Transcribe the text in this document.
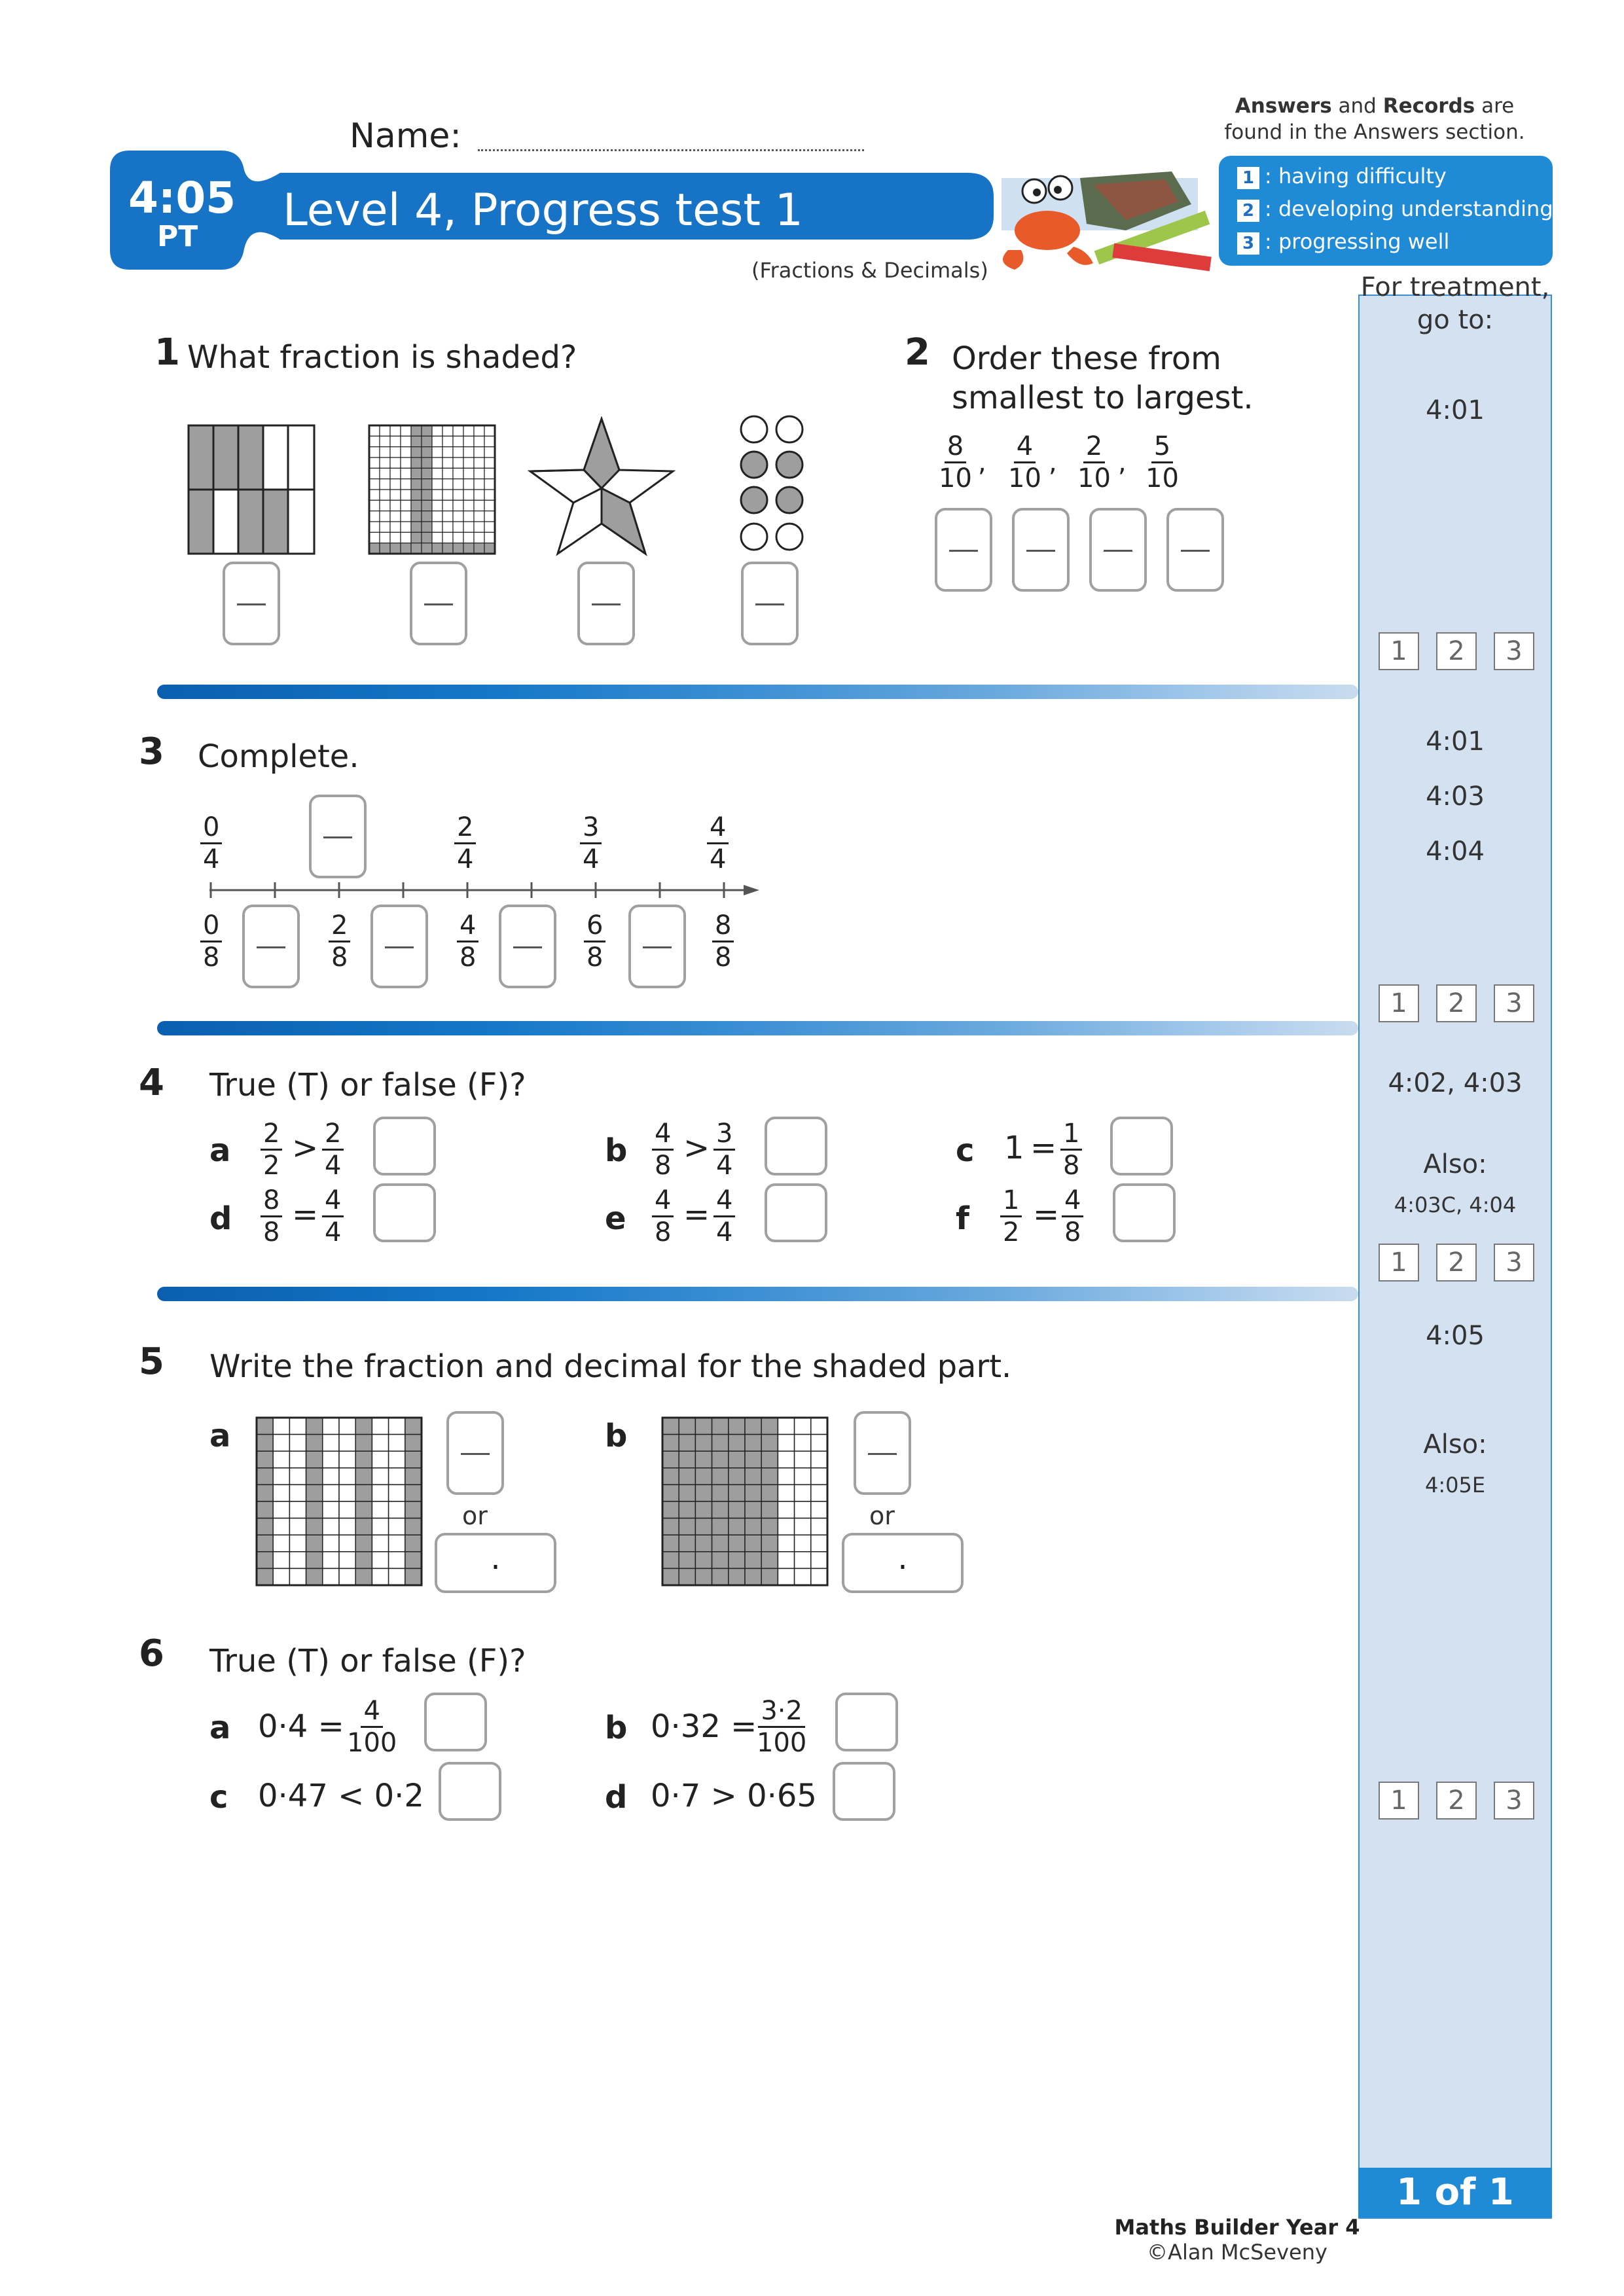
Name:
Answers and Records are
found in the Answers section.
4:05
PT
Level 4, Progress test 1
(Fractions & Decimals)
1 : having difficulty
2 : developing understanding
3 : progressing well
For treatment,
go to:
4:01
4:01
4:03
4:04
4:02, 4:03
Also:
4:03C, 4:04
4:05
Also:
4:05E
1	2	3
1	2	3
1	2	3
1	2	3
1 of 1
1 What fraction is shaded?	2 Order these from
smallest to largest.
$\frac{8}{10}$ , $\frac{4}{10}$ , $\frac{2}{10}$ , $\frac{5}{10}$
3 Complete.
$\frac{0}{4}$	$\frac{2}{4}$	$\frac{3}{4}$	$\frac{4}{4}$
$\frac{0}{8}$	$\frac{2}{8}$	$\frac{4}{8}$	$\frac{6}{8}$	$\frac{8}{8}$
4 True (T) or false (F)?
a $\frac{2}{2} > \frac{2}{4}$	b $\frac{4}{8} > \frac{3}{4}$	c $1 = \frac{1}{8}$
d $\frac{8}{8} = \frac{4}{4}$	e $\frac{4}{8} = \frac{4}{4}$	f $\frac{1}{2} = \frac{4}{8}$
5 Write the fraction and decimal for the shaded part.
a
or
.
b
or
.
6 True (T) or false (F)?
a $0\cdot 4 = \frac{4}{100}$	b 0·32 =
$\frac{3\cdot 2}{100}$
c 0·47 < 0·2	d 0·7 > 0·65
Maths Builder Year 4
©Alan McSeveny
